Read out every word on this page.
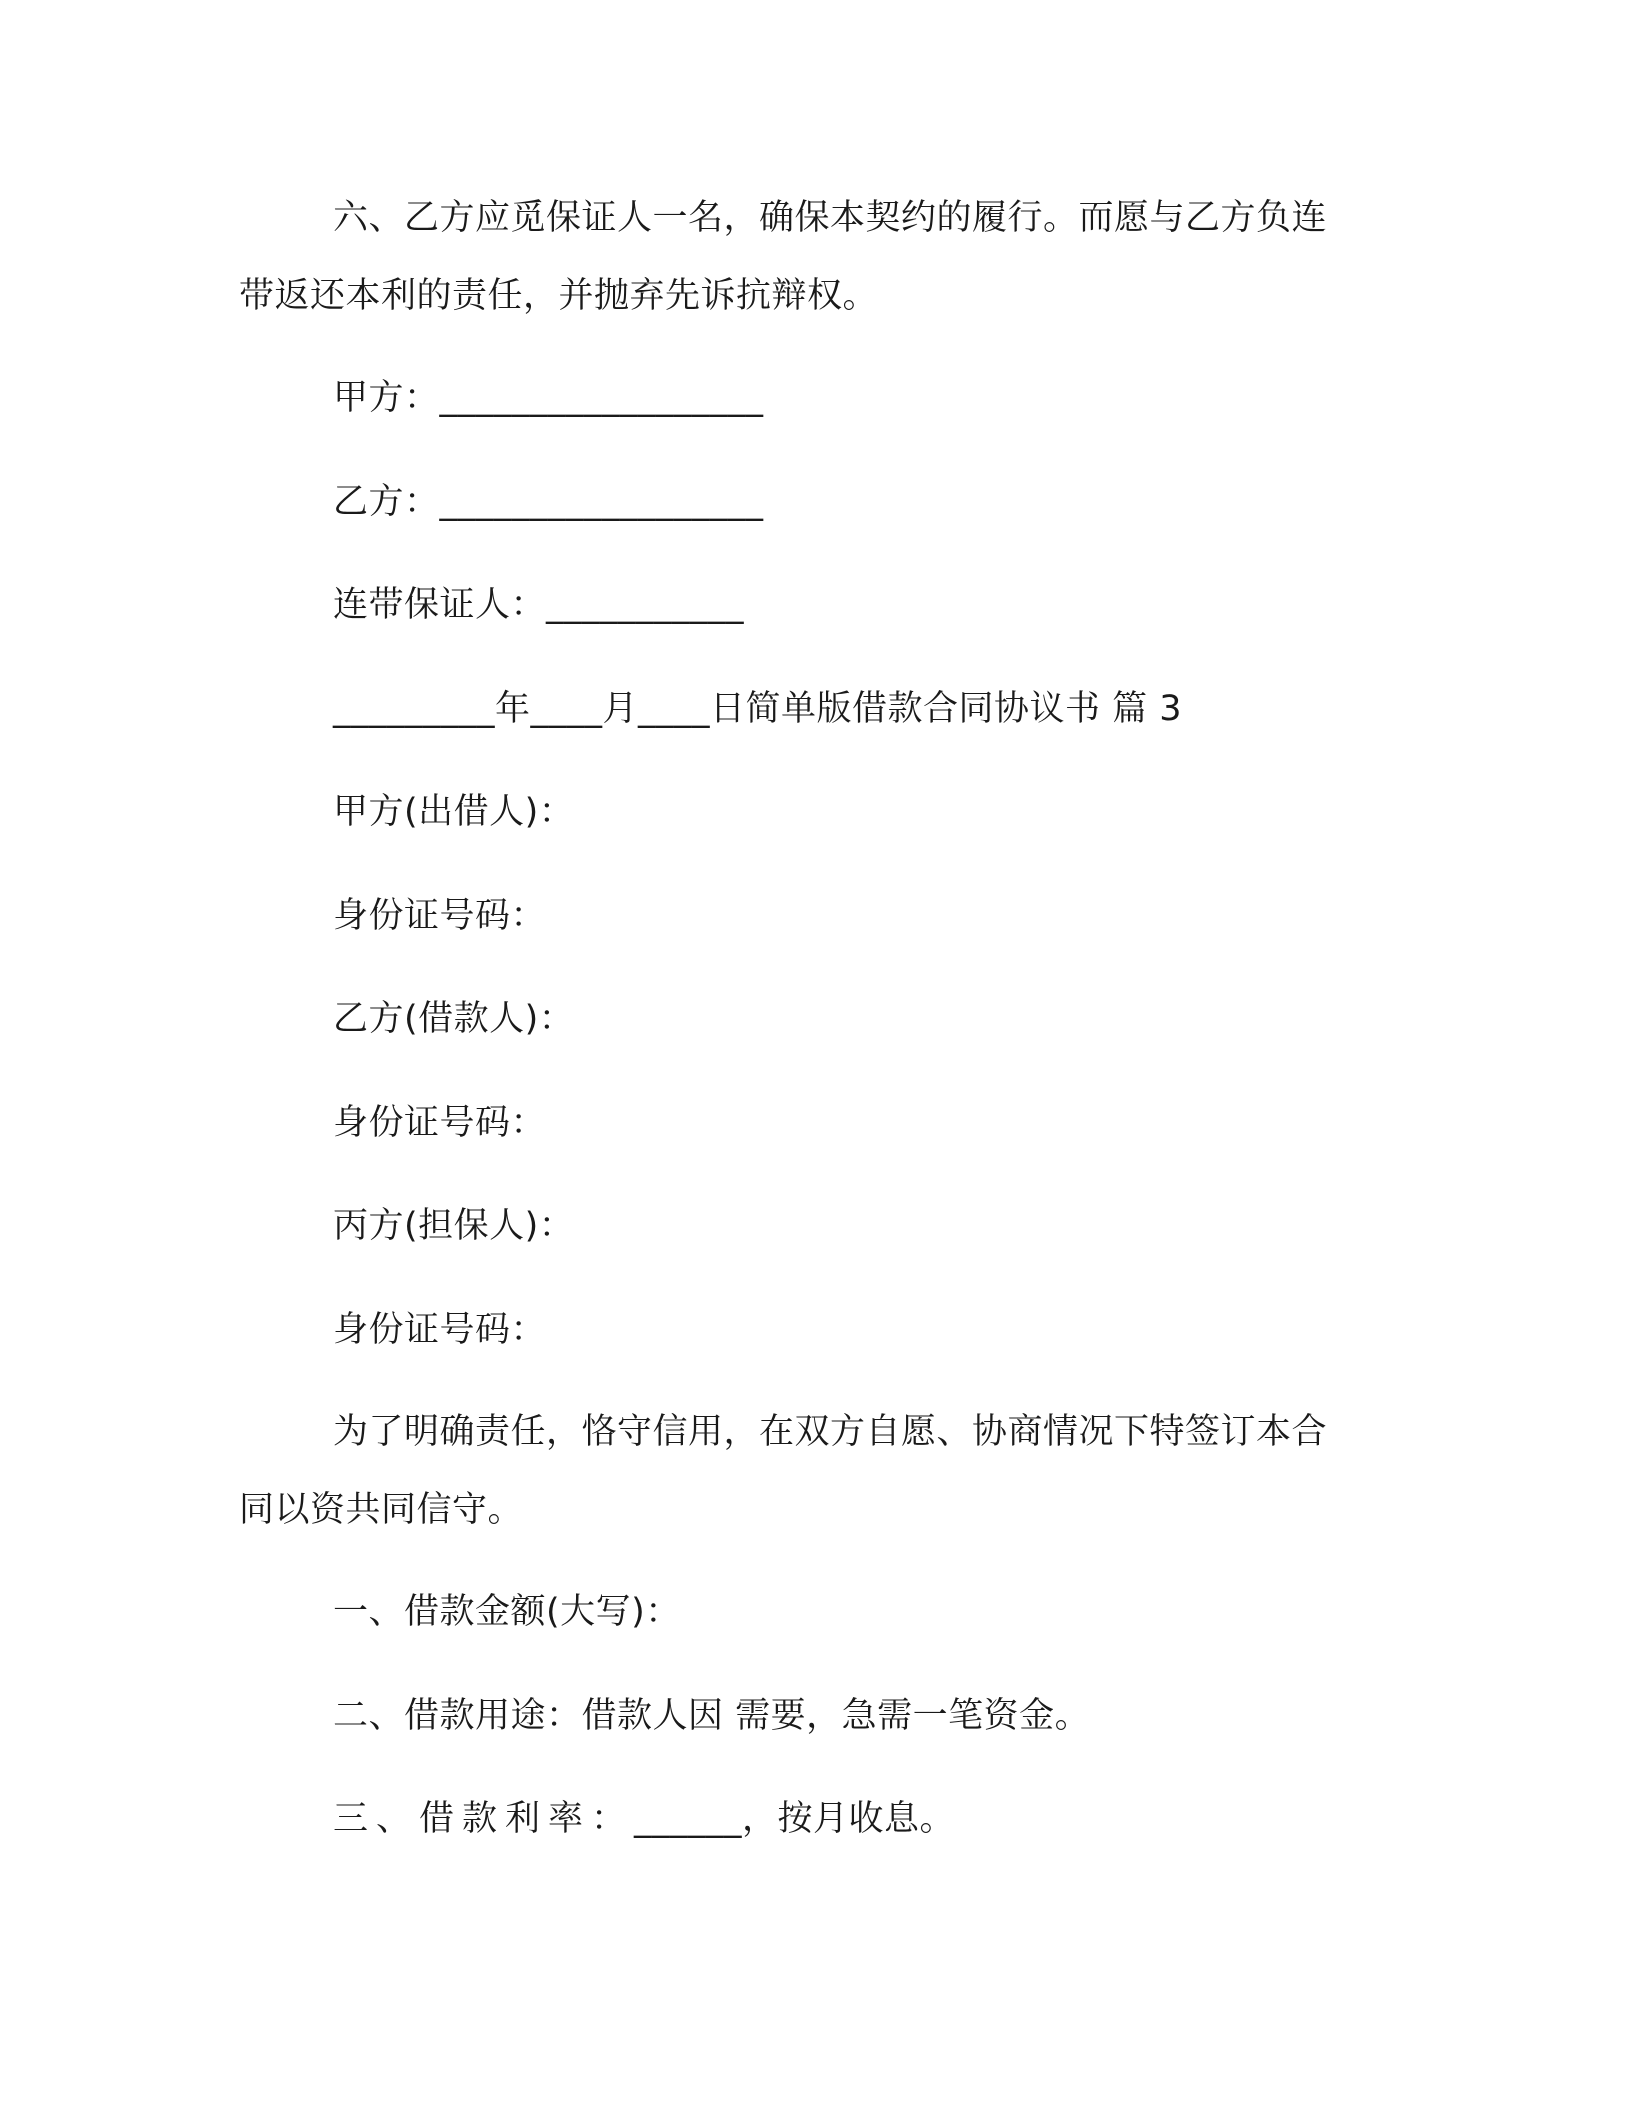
六、乙方应觅保证人一名，确保本契约的履行。而愿与乙方负连
带返还本利的责任，并抛弃先诉抗辩权。
甲方：__________________
乙方：__________________
连带保证人：___________
_________年____月____日简单版借款合同协议书 篇 3
甲方(出借人)：
身份证号码：
乙方(借款人)：
身份证号码：
丙方(担保人)：
身份证号码：
为了明确责任，恪守信用，在双方自愿、协商情况下特签订本合
同以资共同信守。
一、借款金额(大写)：
二、借款用途：借款人因 需要，急需一笔资金。
三、借款利率：______，按月收息。
